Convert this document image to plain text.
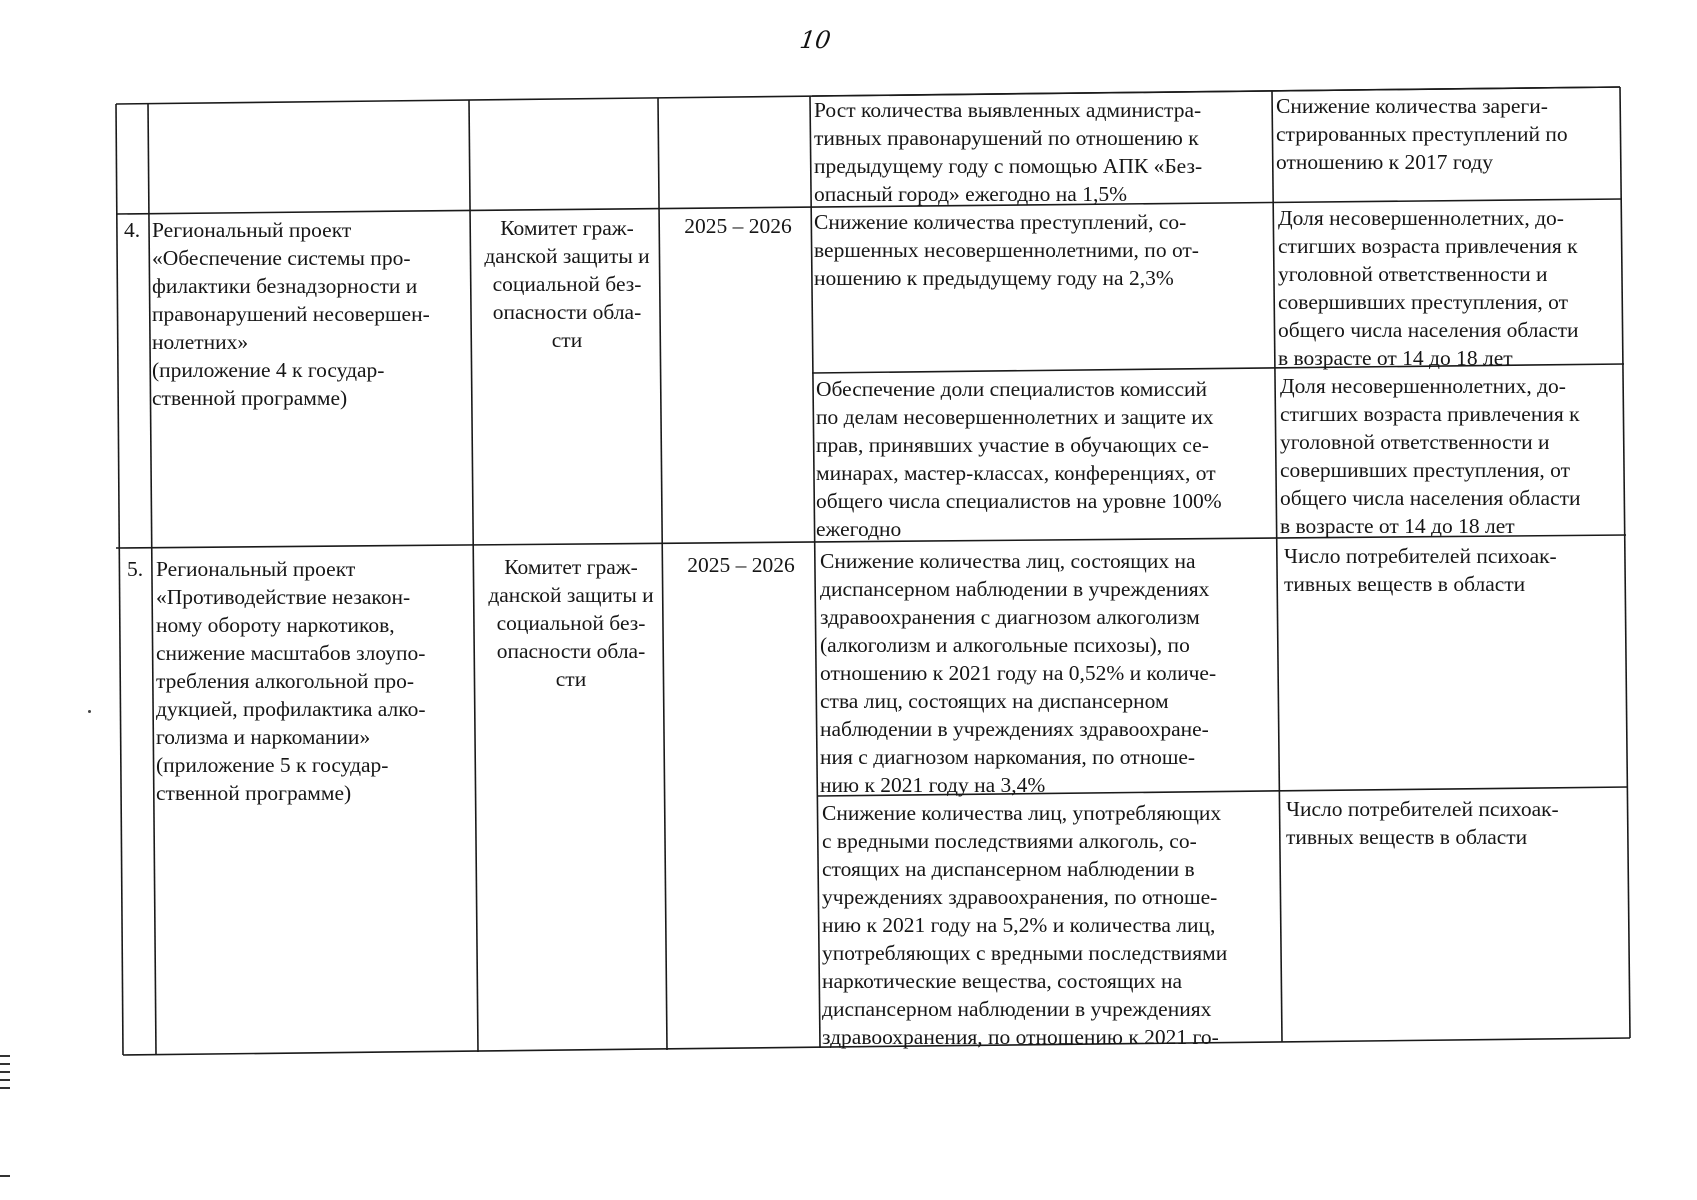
10
Рост количества выявленных администра-
тивных правонарушений по отношению к
предыдущему году с помощью АПК «Без-
опасный город» ежегодно на 1,5%
Снижение количества зареги-
стрированных преступлений по
отношению к 2017 году
4. Региональный проект
«Обеспечение системы про-
филактики безнадзорности и
правонарушений несовершен-
нолетних»
(приложение 4 к государ-
ственной программе)
Комитет граж-
данской защиты и
социальной без-
опасности обла-
сти
2025 – 2026	Снижение количества преступлений, со-
вершенных несовершеннолетними, по от-
ношению к предыдущему году на 2,3%
Доля несовершеннолетних, до-
стигших возраста привлечения к
уголовной ответственности и
совершивших преступления, от
общего числа населения области
в возрасте от 14 до 18 лет
Обеспечение доли специалистов комиссий
по делам несовершеннолетних и защите их
прав, принявших участие в обучающих се-
минарах, мастер-классах, конференциях, от
общего числа специалистов на уровне 100%
ежегодно
Доля несовершеннолетних, до-
стигших возраста привлечения к
уголовной ответственности и
совершивших преступления, от
общего числа населения области
в возрасте от 14 до 18 лет
5. Региональный проект
«Противодействие незакон-
ному обороту наркотиков,
снижение масштабов злоупо-
требления алкогольной про-
дукцией, профилактика алко-
голизма и наркомании»
(приложение 5 к государ-
ственной программе)
Комитет граж-
данской защиты и
социальной без-
опасности обла-
сти
2025 – 2026	Снижение количества лиц, состоящих на
диспансерном наблюдении в учреждениях
здравоохранения с диагнозом алкоголизм
(алкоголизм и алкогольные психозы), по
отношению к 2021 году на 0,52% и количе-
ства лиц, состоящих на диспансерном
наблюдении в учреждениях здравоохране-
ния с диагнозом наркомания, по отноше-
нию к 2021 году на 3,4%
Число потребителей психоак-
тивных веществ в области
Снижение количества лиц, употребляющих
с вредными последствиями алкоголь, со-
стоящих на диспансерном наблюдении в
учреждениях здравоохранения, по отноше-
нию к 2021 году на 5,2% и количества лиц,
употребляющих с вредными последствиями
наркотические вещества, состоящих на
диспансерном наблюдении в учреждениях
здравоохранения, по отношению к 2021 го-
Число потребителей психоак-
тивных веществ в области
